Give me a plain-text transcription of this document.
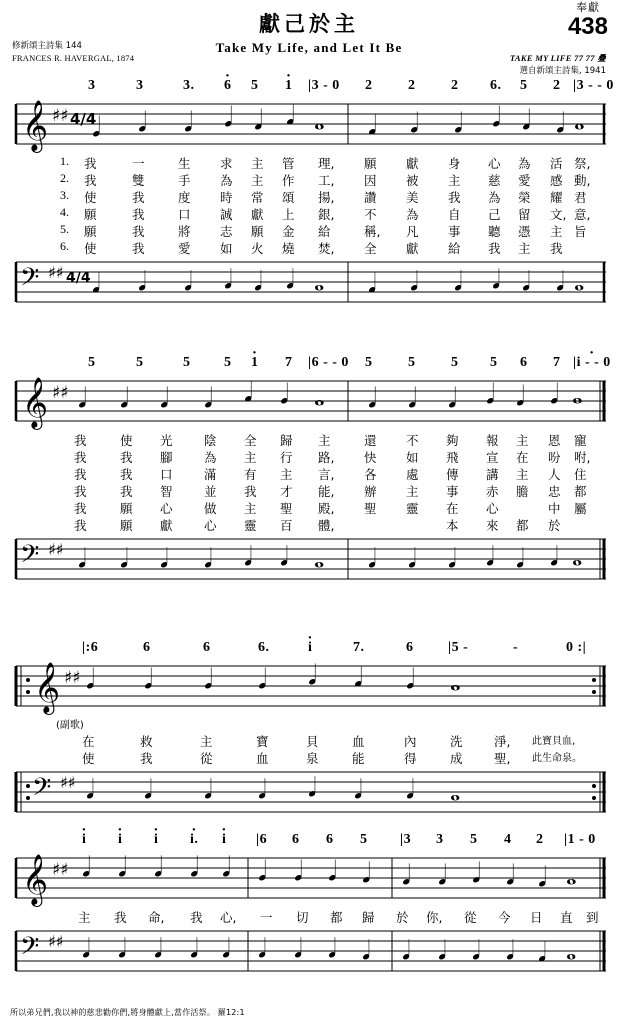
奉獻
438
獻己於主
Take My Life, and Let It Be
修新頌主詩集 144
FRANCES R. HAVERGAL, 1874	TAKE MY LIFE 77 77 疊
選自新頌主詩集, 1941
3	3	3. · 6 5 · 1 |3 - 0 2	2	2 6. 5 2 |3 - - 0
𝄞 ♯♯ 4/4
𝅘𝅥 𝅘𝅥 𝅘𝅥 𝅘𝅥 𝅘𝅥 𝅘𝅥 𝅝 𝅘𝅥 𝅘𝅥 𝅘𝅥 𝅘𝅥 𝅘𝅥 𝅘𝅥 𝅝
1. 我	一	生 求 主 管 理, 願 獻 身 心 為 活 祭,
2. 我	雙	手 為 主 作 工, 因 被 主 慈 愛 感 動,
3. 使	我	度 時 常 頌 揚, 讚 美 我 為 榮 耀 君
4. 願	我	口 誠 獻 上 銀, 不 為 自 己 留 文, 意,
5. 願	我	將 志 願 金 給	稱, 凡 事 聽 憑 主 旨
6. 使	我	愛 如 火 燒 焚, 全 獻 給 我 主 我
𝄢 ♯♯ 4/4 𝅘𝅥 𝅘𝅥 𝅘𝅥 𝅘𝅥 𝅘𝅥 𝅘𝅥 𝅝 𝅘𝅥 𝅘𝅥 𝅘𝅥 𝅘𝅥 𝅘𝅥 𝅘𝅥 𝅝
5	5	5 5 · 1 7 |6 - - 0 5	5	5 5 6 7 · |i - - 0
𝄞 ♯♯ 𝅘𝅥 𝅘𝅥 𝅘𝅥 𝅘𝅥 𝅘𝅥 𝅘𝅥 𝅝 𝅘𝅥 𝅘𝅥 𝅘𝅥 𝅘𝅥 𝅘𝅥 𝅘𝅥 𝅝
我	使 光	陰 全 歸 主	還 不 夠 報 主 恩 寵
我	我 腳	為 主 行 路, 快 如 飛 宣 在 吩 咐,
我	我 口	滿 有 主 言, 各 處 傳 講 主 人 住
我	我 智	並 我 才 能, 辦 主 事 赤 膽 忠 都
我	願 心	做 主 聖 殿, 聖 靈 在 心	中 屬
我	願 獻	心 靈 百 體,	本 來 都 於
𝄢 ♯♯ 𝅘𝅥 𝅘𝅥 𝅘𝅥 𝅘𝅥 𝅘𝅥 𝅘𝅥 𝅝 𝅘𝅥 𝅘𝅥 𝅘𝅥 𝅘𝅥 𝅘𝅥 𝅘𝅥 𝅝
|:6	6	6	6.	· i	7.	6 |5 -	-	0 :|
𝄞 ♯♯ 𝅘𝅥 𝅘𝅥 𝅘𝅥 𝅘𝅥 𝅘𝅥 𝅘𝅥 𝅘𝅥 𝅝
(副歌)
在	救	主	寶	貝	血	內	洗	淨, 此寶貝血,
使	我	從	血	泉	能	得	成	聖, 此生命泉。
𝄢 ♯♯ 𝅘𝅥 𝅘𝅥 𝅘𝅥 𝅘𝅥 𝅘𝅥 𝅘𝅥 𝅘𝅥 𝅝
· i · i · i · i. · i |6 6 6 5 |3 3 5 4 2 |1 - 0
𝄞 ♯♯ 𝅘𝅥 𝅘𝅥 𝅘𝅥 𝅘𝅥 𝅘𝅥 𝅘𝅥 𝅘𝅥 𝅘𝅥 𝅘𝅥 𝅘𝅥 𝅘𝅥 𝅘𝅥 𝅘𝅥 𝅘𝅥 𝅝
主 我 命, 我 心, 一 切 都 歸 於 你, 從 今 日 直 到
𝄢 ♯♯ 𝅘𝅥 𝅘𝅥 𝅘𝅥 𝅘𝅥 𝅘𝅥 𝅘𝅥 𝅘𝅥 𝅘𝅥 𝅘𝅥 𝅘𝅥 𝅘𝅥 𝅘𝅥 𝅘𝅥 𝅘𝅥 𝅝
所以弟兄們,我以神的慈悲勸你們,將身體獻上,當作活祭。 羅12:1
